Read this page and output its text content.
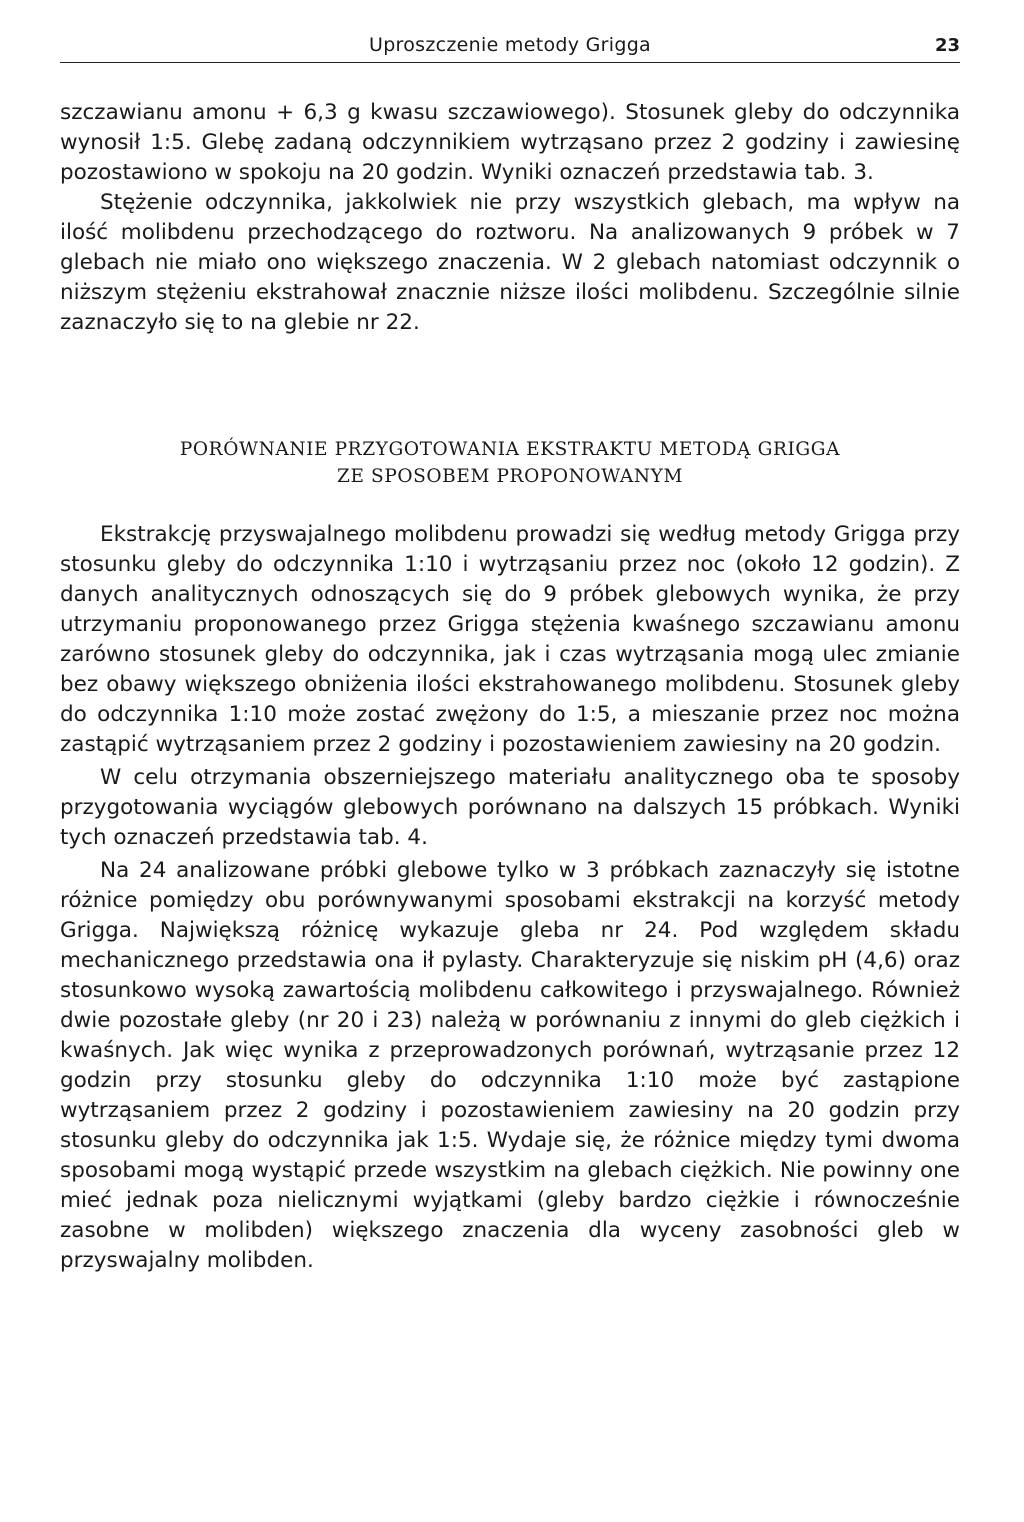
Uproszczenie metody Grigga	23

szczawianu amonu + 6,3 g kwasu szczawiowego). Stosunek gleby do odczynnika wynosił 1:5. Glebę zadaną odczynnikiem wytrząsano przez 2 godziny i zawiesinę pozostawiono w spokoju na 20 godzin. Wyniki oznaczeń przedstawia tab. 3.

Stężenie odczynnika, jakkolwiek nie przy wszystkich glebach, ma wpływ na ilość molibdenu przechodzącego do roztworu. Na analizowanych 9 próbek w 7 glebach nie miało ono większego znaczenia. W 2 glebach natomiast odczynnik o niższym stężeniu ekstrahował znacznie niższe ilości molibdenu. Szczególnie silnie zaznaczyło się to na glebie nr 22.

PORÓWNANIE PRZYGOTOWANIA EKSTRAKTU METODĄ GRIGGA
ZE SPOSOBEM PROPONOWANYM

Ekstrakcję przyswajalnego molibdenu prowadzi się według metody Grigga przy stosunku gleby do odczynnika 1:10 i wytrząsaniu przez noc (około 12 godzin). Z danych analitycznych odnoszących się do 9 próbek glebowych wynika, że przy utrzymaniu proponowanego przez Grigga stężenia kwaśnego szczawianu amonu zarówno stosunek gleby do odczynnika, jak i czas wytrząsania mogą ulec zmianie bez obawy większego obniżenia ilości ekstrahowanego molibdenu. Stosunek gleby do odczynnika 1:10 może zostać zwężony do 1:5, a mieszanie przez noc można zastąpić wytrząsaniem przez 2 godziny i pozostawieniem zawiesiny na 20 godzin.

W celu otrzymania obszerniejszego materiału analitycznego oba te sposoby przygotowania wyciągów glebowych porównano na dalszych 15 próbkach. Wyniki tych oznaczeń przedstawia tab. 4.

Na 24 analizowane próbki glebowe tylko w 3 próbkach zaznaczyły się istotne różnice pomiędzy obu porównywanymi sposobami ekstrakcji na korzyść metody Grigga. Największą różnicę wykazuje gleba nr 24. Pod względem składu mechanicznego przedstawia ona ił pylasty. Charakteryzuje się niskim pH (4,6) oraz stosunkowo wysoką zawartością molibdenu całkowitego i przyswajalnego. Również dwie pozostałe gleby (nr 20 i 23) należą w porównaniu z innymi do gleb ciężkich i kwaśnych. Jak więc wynika z przeprowadzonych porównań, wytrząsanie przez 12 godzin przy stosunku gleby do odczynnika 1:10 może być zastąpione wytrząsaniem przez 2 godziny i pozostawieniem zawiesiny na 20 godzin przy stosunku gleby do odczynnika jak 1:5. Wydaje się, że różnice między tymi dwoma sposobami mogą wystąpić przede wszystkim na glebach ciężkich. Nie powinny one mieć jednak poza nielicznymi wyjątkami (gleby bardzo ciężkie i równocześnie zasobne w molibden) większego znaczenia dla wyceny zasobności gleb w przyswajalny molibden.
